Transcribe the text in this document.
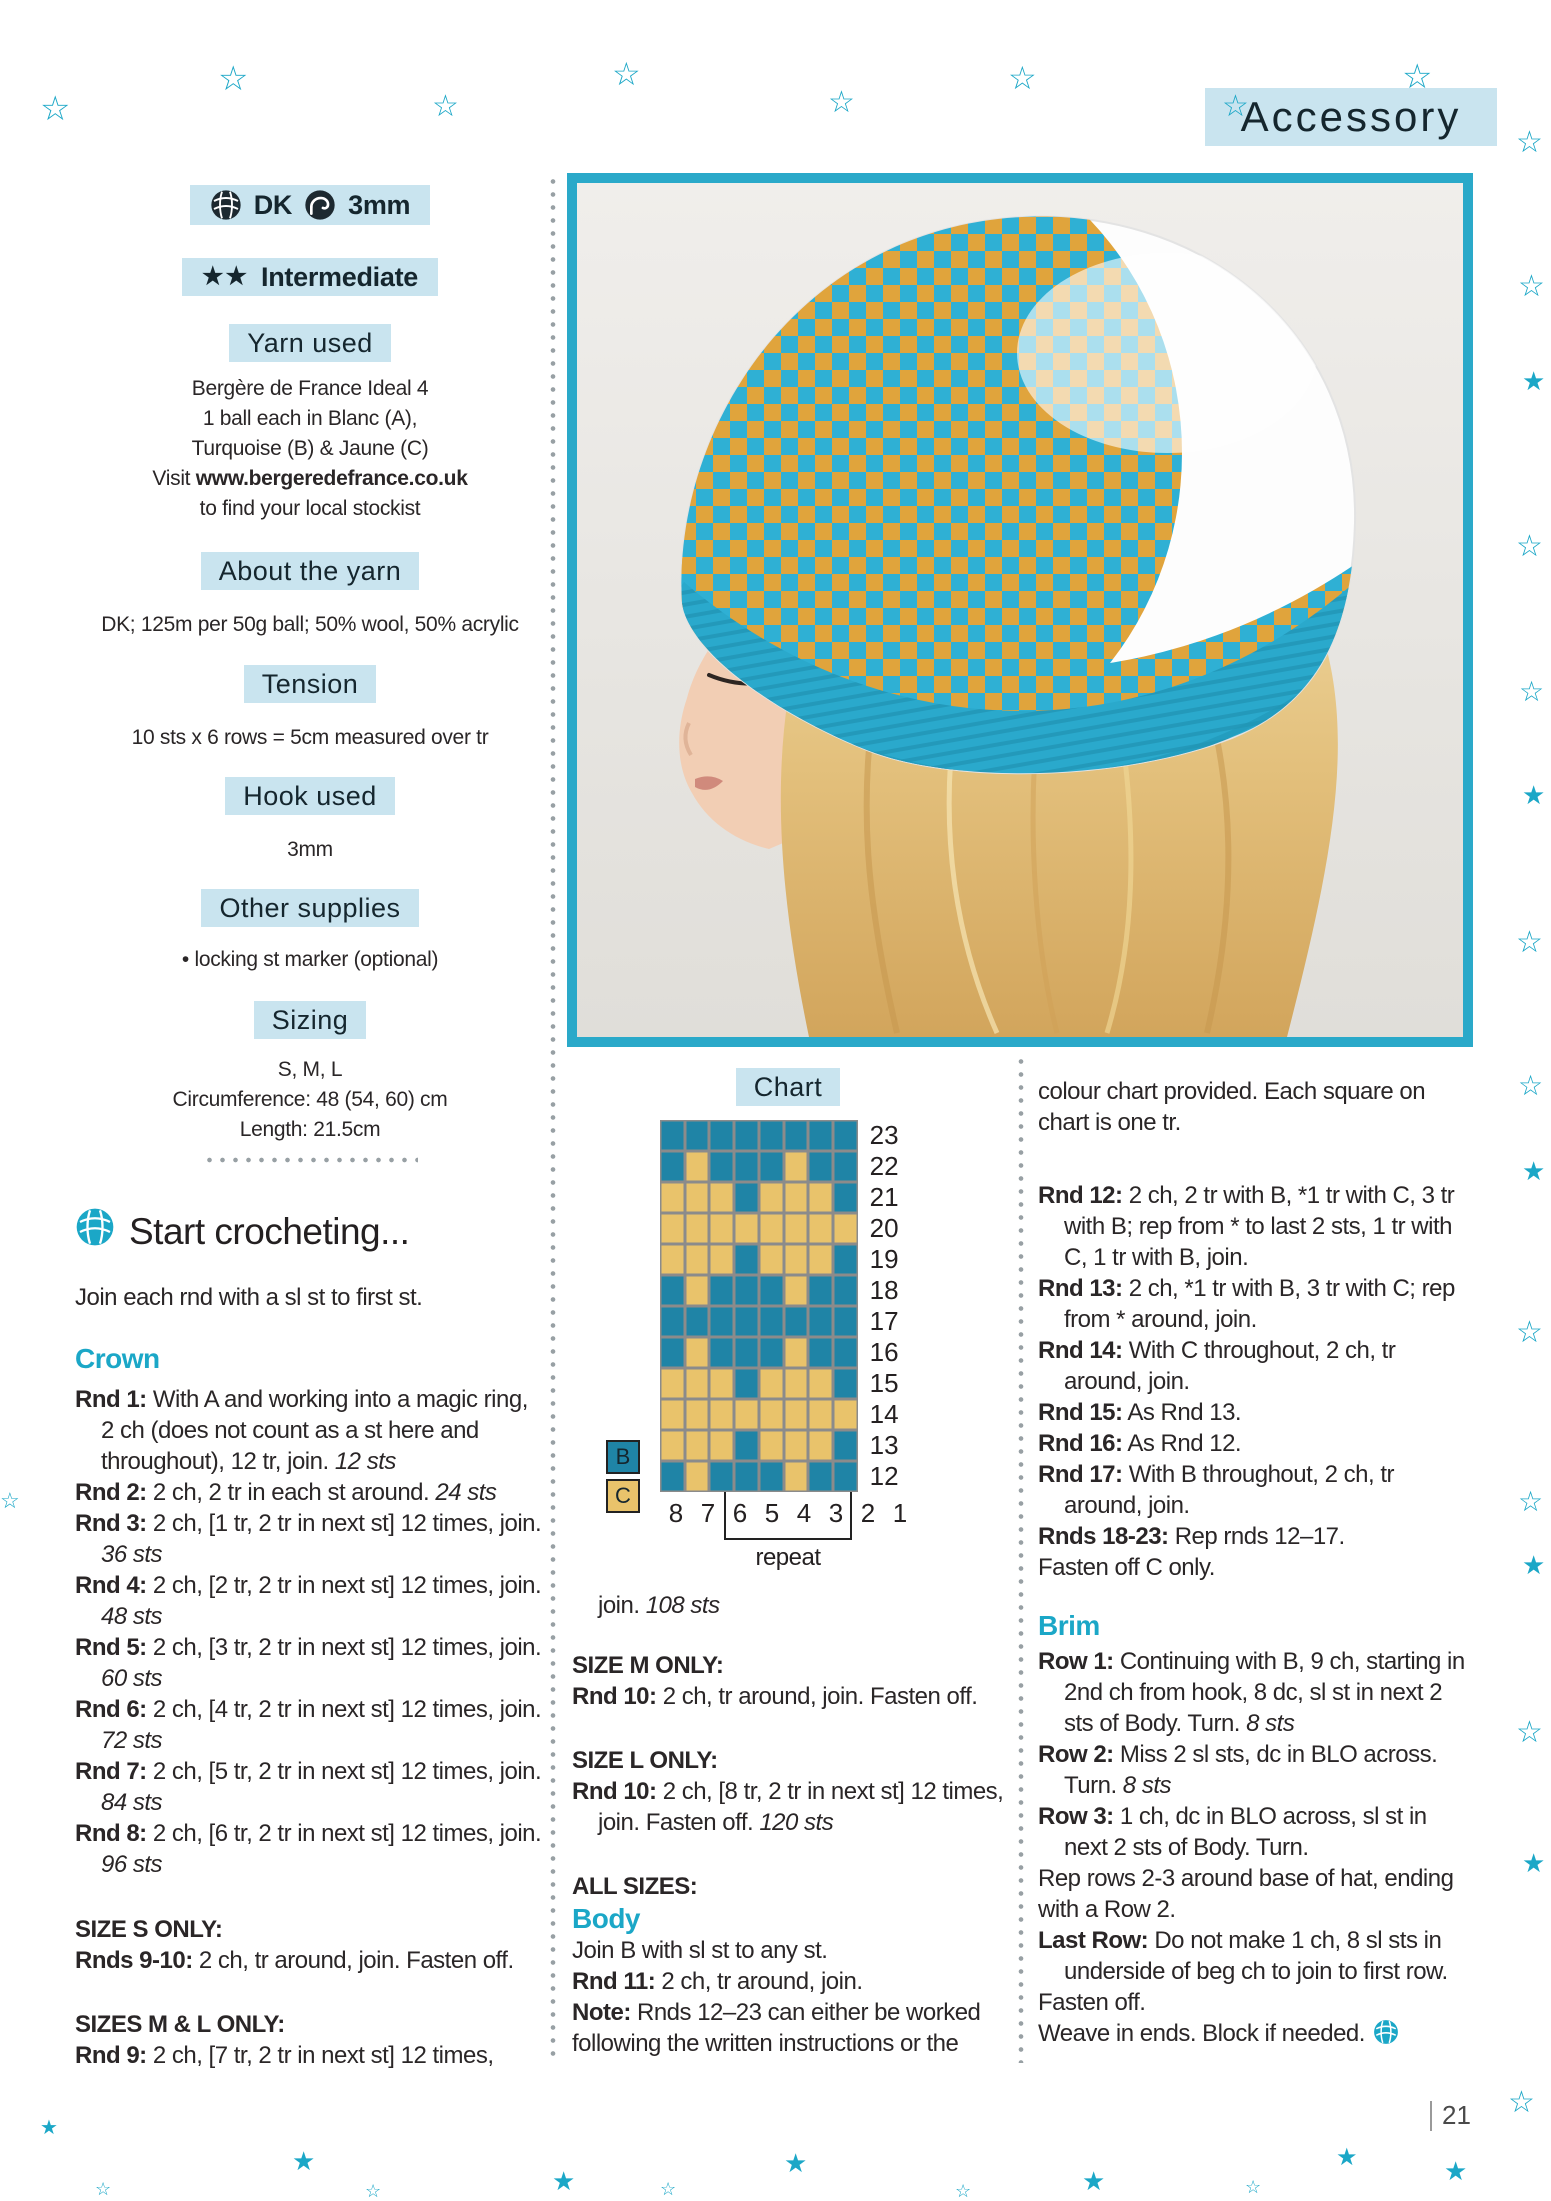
Accessory
DK 3mm
★★ Intermediate
Yarn used
Bergère de France Ideal 4
1 ball each in Blanc (A),
Turquoise (B) & Jaune (C)
Visit www.bergeredefrance.co.uk
to find your local stockist
About the yarn
DK; 125m per 50g ball; 50% wool, 50% acrylic
Tension
10 sts x 6 rows = 5cm measured over tr
Hook used
3mm
Other supplies
• locking st marker (optional)
Sizing
S, M, L
Circumference: 48 (54, 60) cm
Length: 21.5cm
Start crocheting...

Join each rnd with a sl st to first st.

Crown

Rnd 1: With A and working into a magic ring, 2 ch (does not count as a st here and throughout), 12 tr, join. 12 sts

Rnd 2: 2 ch, 2 tr in each st around. 24 sts

Rnd 3: 2 ch, [1 tr, 2 tr in next st] 12 times, join. 36 sts

Rnd 4: 2 ch, [2 tr, 2 tr in next st] 12 times, join. 48 sts

Rnd 5: 2 ch, [3 tr, 2 tr in next st] 12 times, join. 60 sts

Rnd 6: 2 ch, [4 tr, 2 tr in next st] 12 times, join. 72 sts

Rnd 7: 2 ch, [5 tr, 2 tr in next st] 12 times, join. 84 sts

Rnd 8: 2 ch, [6 tr, 2 tr in next st] 12 times, join. 96 sts

SIZE S ONLY:

Rnds 9-10: 2 ch, tr around, join. Fasten off.

SIZES M & L ONLY:

Rnd 9: 2 ch, [7 tr, 2 tr in next st] 12 times,

Chart
23
22
21
20
19
18
17
16
15
14
13
12
8 7 6 5 4 3 2 1
repeat
B
C

join. 108 sts

SIZE M ONLY:

Rnd 10: 2 ch, tr around, join. Fasten off.

SIZE L ONLY:

Rnd 10: 2 ch, [8 tr, 2 tr in next st] 12 times, join. Fasten off. 120 sts

ALL SIZES:

Body

Join B with sl st to any st.

Rnd 11: 2 ch, tr around, join.

Note: Rnds 12–23 can either be worked following the written instructions or the

colour chart provided. Each square on chart is one tr.

Rnd 12: 2 ch, 2 tr with B, *1 tr with C, 3 tr with B; rep from * to last 2 sts, 1 tr with C, 1 tr with B, join.

Rnd 13: 2 ch, *1 tr with B, 3 tr with C; rep from * around, join.

Rnd 14: With C throughout, 2 ch, tr around, join.

Rnd 15: As Rnd 13.

Rnd 16: As Rnd 12.

Rnd 17: With B throughout, 2 ch, tr around, join.

Rnds 18-23: Rep rnds 12–17.

Fasten off C only.

Brim

Row 1: Continuing with B, 9 ch, starting in 2nd ch from hook, 8 dc, sl st in next 2 sts of Body. Turn. 8 sts

Row 2: Miss 2 sl sts, dc in BLO across. Turn. 8 sts

Row 3: 1 ch, dc in BLO across, sl st in next 2 sts of Body. Turn.

Rep rows 2-3 around base of hat, ending with a Row 2.

Last Row: Do not make 1 ch, 8 sl sts in underside of beg ch to join to first row.

Fasten off.

Weave in ends. Block if needed.

21
☆
☆
☆
☆
☆
☆
☆
☆
☆
☆
★
☆
☆
★
☆
☆
★
☆
☆	☆
★
☆
★
☆
★
★
★
★
★
★
★
☆	☆	☆	☆	☆
